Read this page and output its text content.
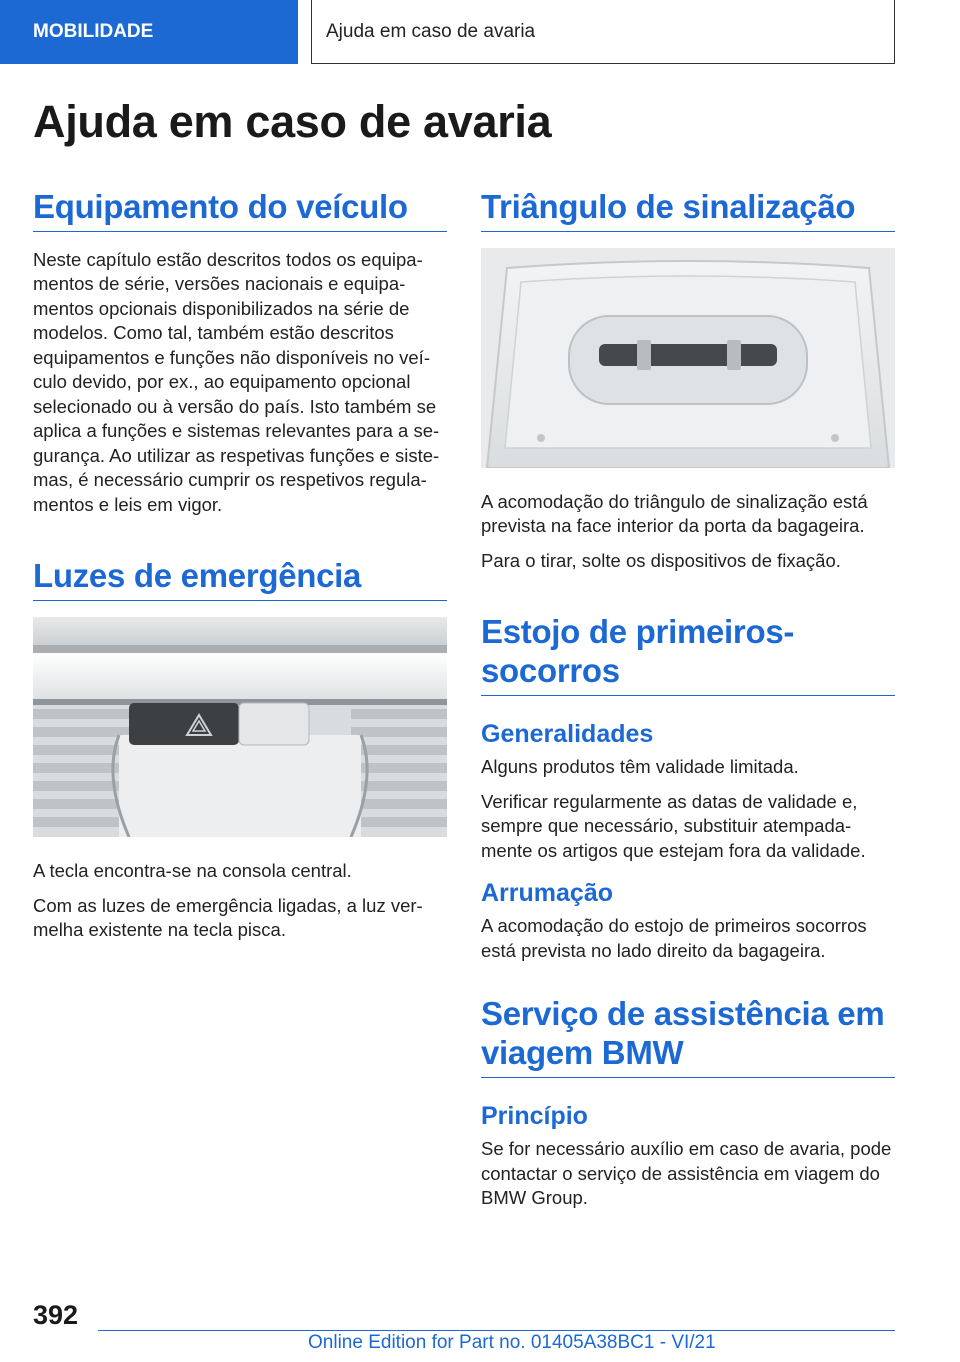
MOBILIDADE	Ajuda em caso de avaria
Ajuda em caso de avaria
Equipamento do veículo

Neste capítulo estão descritos todos os equipa‐
mentos de série, versões nacionais e equipa‐
mentos opcionais disponibilizados na série de
modelos. Como tal, também estão descritos
equipamentos e funções não disponíveis no veí‐
culo devido, por ex., ao equipamento opcional
selecionado ou à versão do país. Isto também se
aplica a funções e sistemas relevantes para a se‐
gurança. Ao utilizar as respetivas funções e siste‐
mas, é necessário cumprir os respetivos regula‐
mentos e leis em vigor.

Luzes de emergência

A tecla encontra-se na consola central.

Com as luzes de emergência ligadas, a luz ver‐
melha existente na tecla pisca.

Triângulo de sinalização

A acomodação do triângulo de sinalização está
prevista na face interior da porta da bagageira.

Para o tirar, solte os dispositivos de fixação.

Estojo de primeiros-
socorros
Generalidades

Alguns produtos têm validade limitada.

Verificar regularmente as datas de validade e,
sempre que necessário, substituir atempada‐
mente os artigos que estejam fora da validade.

Arrumação

A acomodação do estojo de primeiros socorros
está prevista no lado direito da bagageira.

Serviço de assistência em
viagem BMW
Princípio

Se for necessário auxílio em caso de avaria, pode
contactar o serviço de assistência em viagem do
BMW Group.

392
Online Edition for Part no. 01405A38BC1 - VI/21
